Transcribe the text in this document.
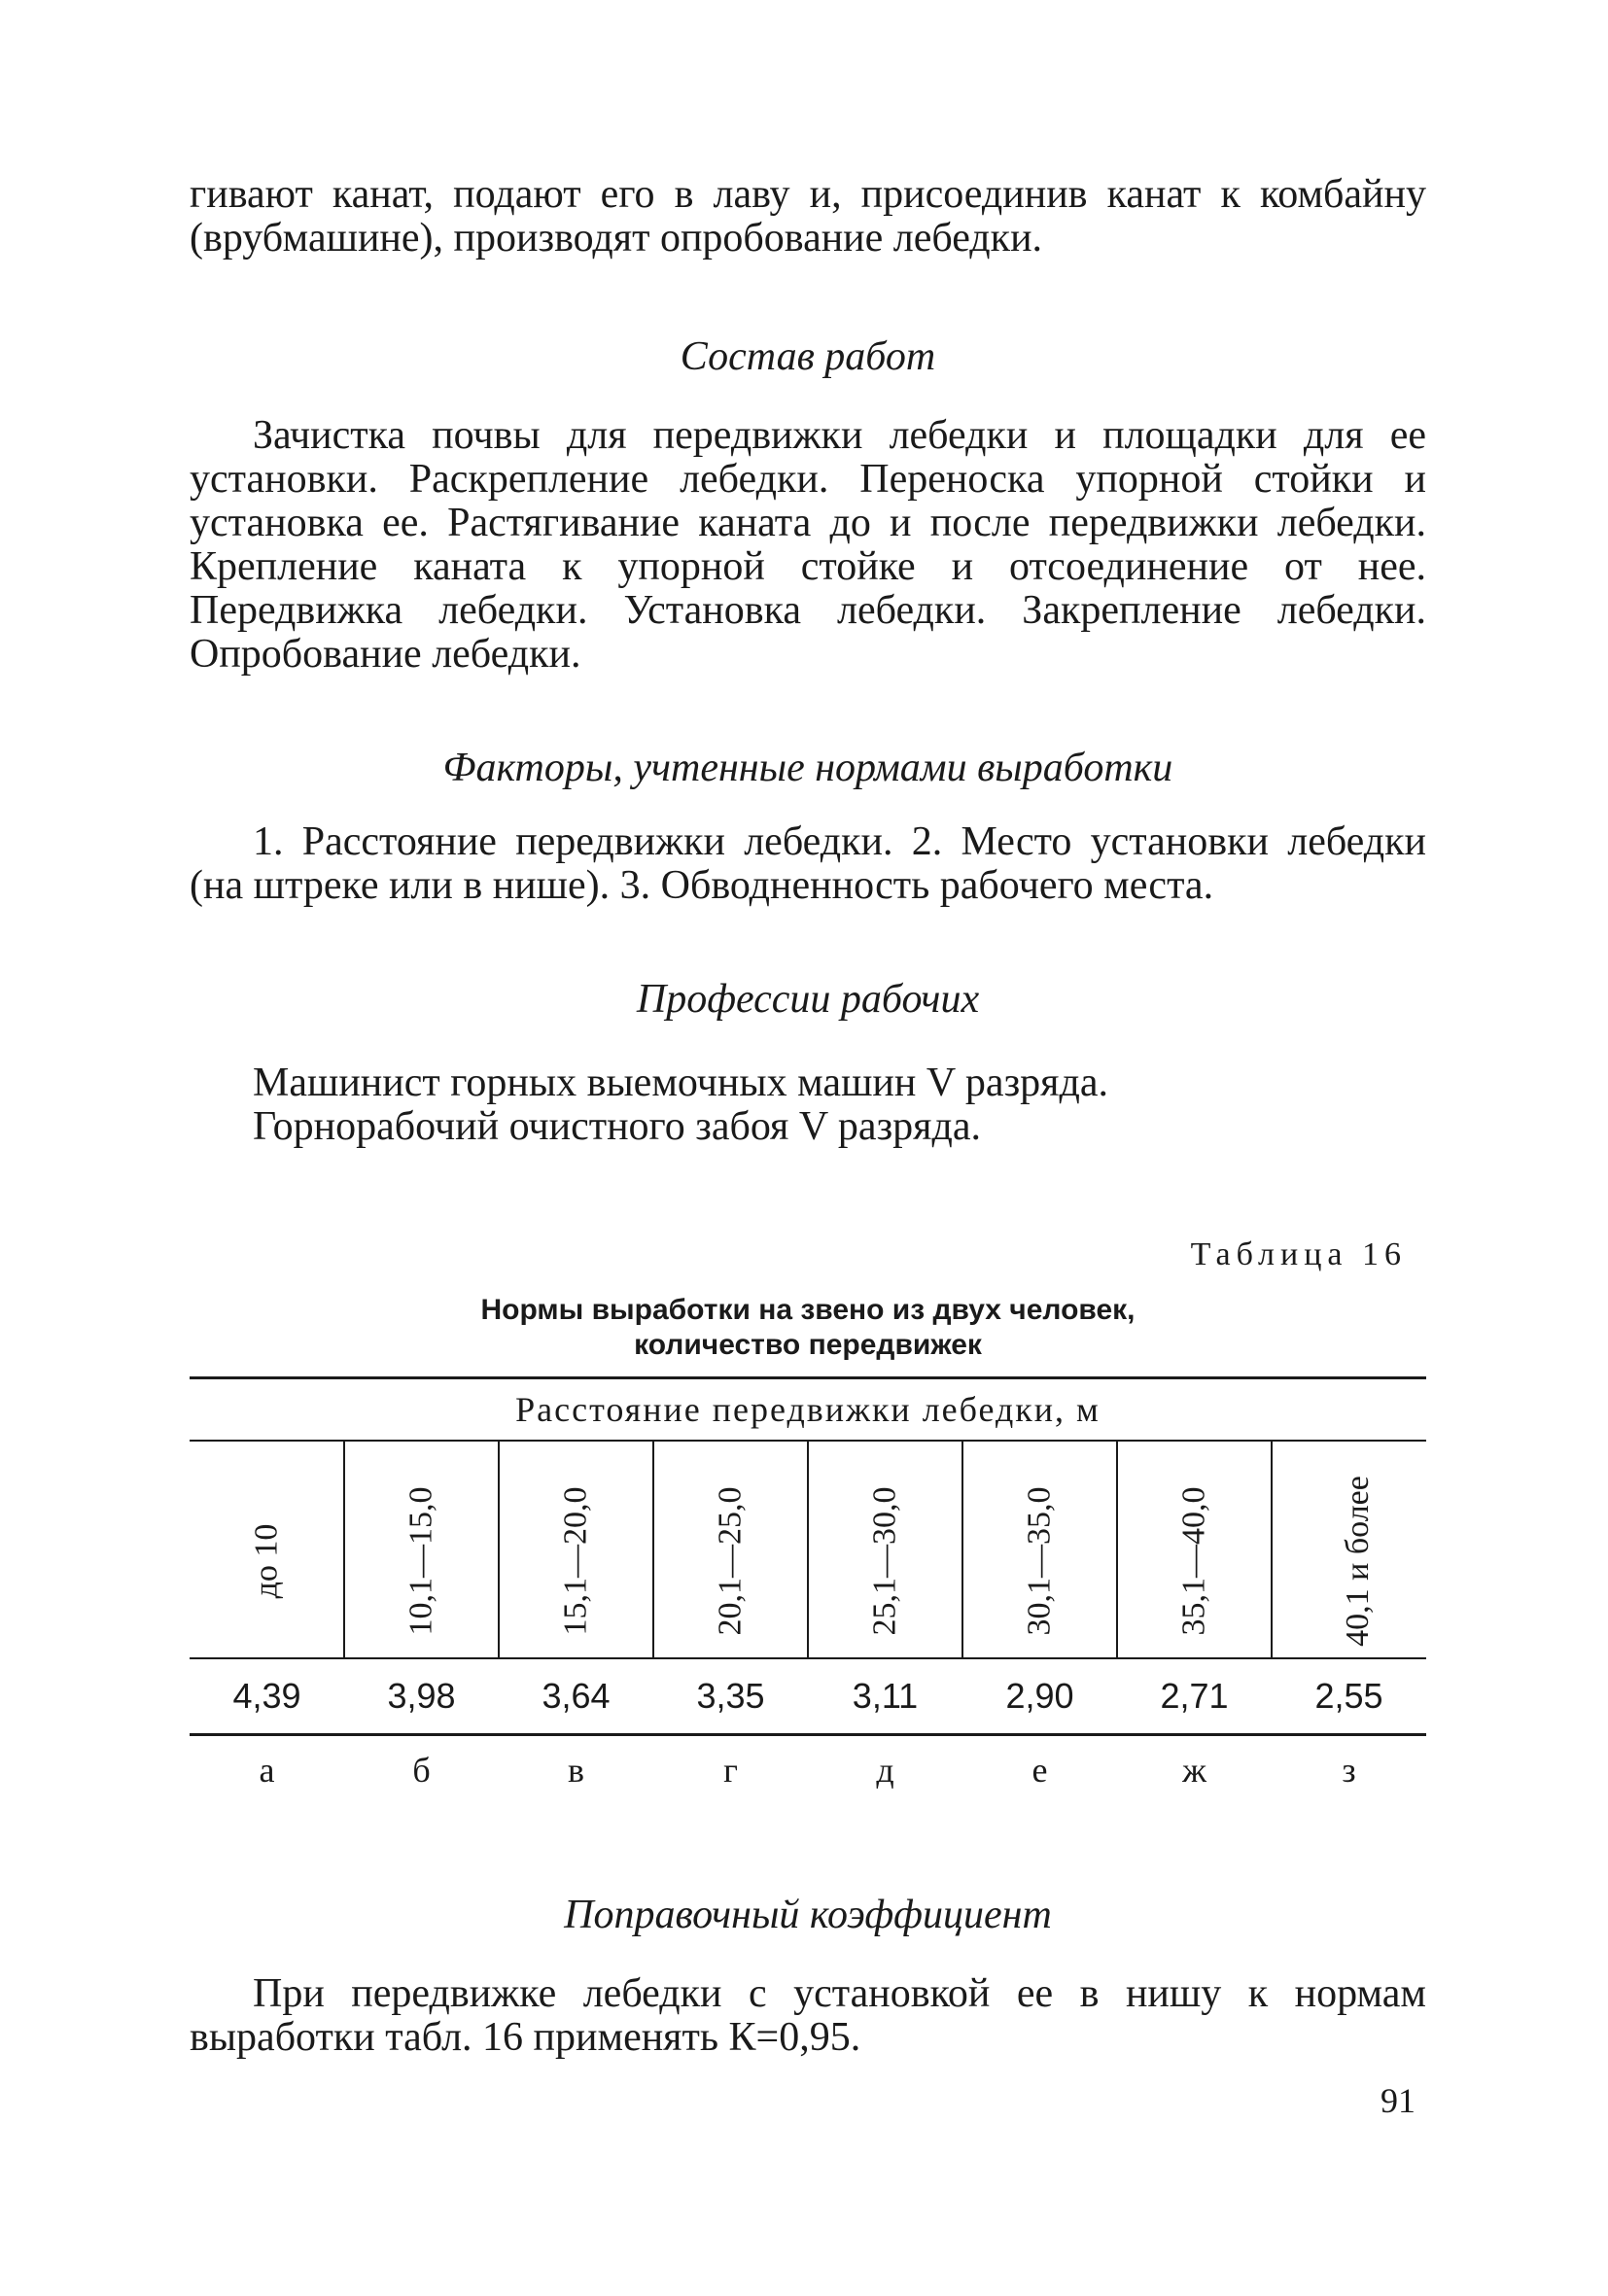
гивают канат, подают его в лаву и, присоединив канат к комбайну (врубмашине), производят опробование лебедки.

Состав работ

Зачистка почвы для передвижки лебедки и площадки для ее установки. Раскрепление лебедки. Переноска упорной стойки и установка ее. Растягивание каната до и после передвижки лебедки. Крепление каната к упорной стойке и отсоединение от нее. Передвижка лебедки. Установка лебедки. Закрепление лебедки. Опробование лебедки.

Факторы, учтенные нормами выработки

1. Расстояние передвижки лебедки. 2. Место установки лебедки (на штреке или в нише). 3. Обводненность рабочего места.

Профессии рабочих

Машинист горных выемочных машин V разряда.

Горнорабочий очистного забоя V разряда.

Таблица 16
Нормы выработки на звено из двух человек,
количество передвижек
Расстояние передвижки лебедки, м							
до 10	10,1—15,0	15,1—20,0	20,1—25,0	25,1—30,0	30,1—35,0	35,1—40,0	40,1 и более
4,39	3,98	3,64	3,35	3,11	2,90	2,71	2,55
а	б	в	г	д	е	ж	з

Поправочный коэффициент

При передвижке лебедки с установкой ее в нишу к нормам выработки табл. 16 применять К=0,95.

91
